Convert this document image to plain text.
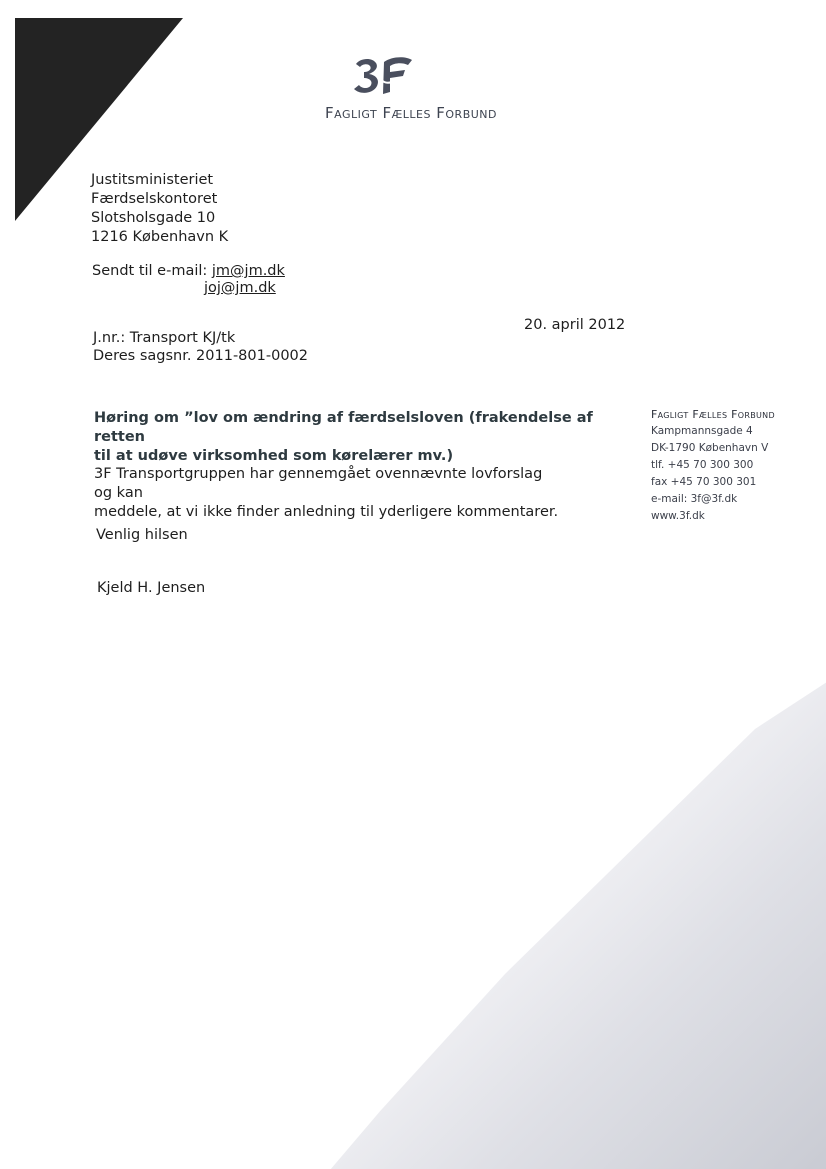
Fagligt Fælles Forbund
Justitsministeriet
Færdselskontoret
Slotsholsgade 10
1216 København K
Sendt til e-mail: jm@jm.dk
joj@jm.dk
20. april 2012
J.nr.: Transport KJ/tk
Deres sagsnr. 2011-801-0002
Høring om ”lov om ændring af færdselsloven (frakendelse af retten
til at udøve virksomhed som kørelærer mv.)
3F Transportgruppen har gennemgået ovennævnte lovforslag og kan
meddele, at vi ikke finder anledning til yderligere kommentarer.
Venlig hilsen
Kjeld H. Jensen
Fagligt Fælles Forbund
Kampmannsgade 4
DK-1790 København V
tlf. +45 70 300 300
fax +45 70 300 301
e-mail: 3f@3f.dk
www.3f.dk
